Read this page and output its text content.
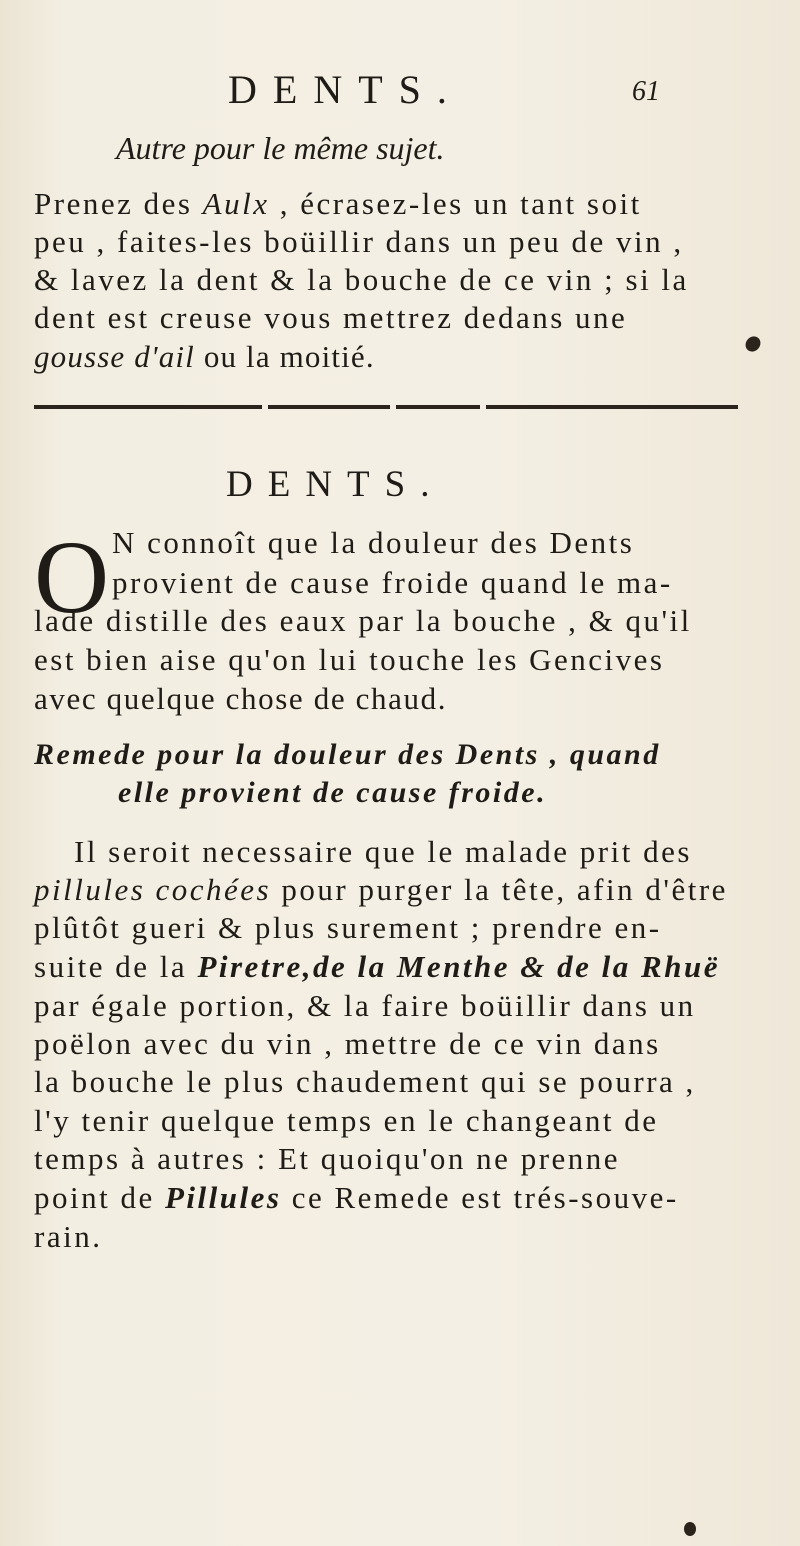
DENTS.	61
Autre pour le même sujet.
Prenez des Aulx , écrasez-les un tant soit
peu , faites-les boüillir dans un peu de vin ,
& lavez la dent & la bouche de ce vin ; si la
dent est creuse vous mettrez dedans une
gousse d'ail ou la moitié.
DENTS.
O N connoît que la douleur des Dents
provient de cause froide quand le ma-
lade distille des eaux par la bouche , & qu'il
est bien aise qu'on lui touche les Gencives
avec quelque chose de chaud.
Remede pour la douleur des Dents , quand
elle provient de cause froide.
Il seroit necessaire que le malade prit des
pillules cochées pour purger la tête, afin d'être
plûtôt gueri & plus surement ; prendre en-
suite de la Piretre,de la Menthe & de la Rhuë
par égale portion, & la faire boüillir dans un
poëlon avec du vin , mettre de ce vin dans
la bouche le plus chaudement qui se pourra ,
l'y tenir quelque temps en le changeant de
temps à autres : Et quoiqu'on ne prenne
point de Pillules ce Remede est trés-souve-
rain.
